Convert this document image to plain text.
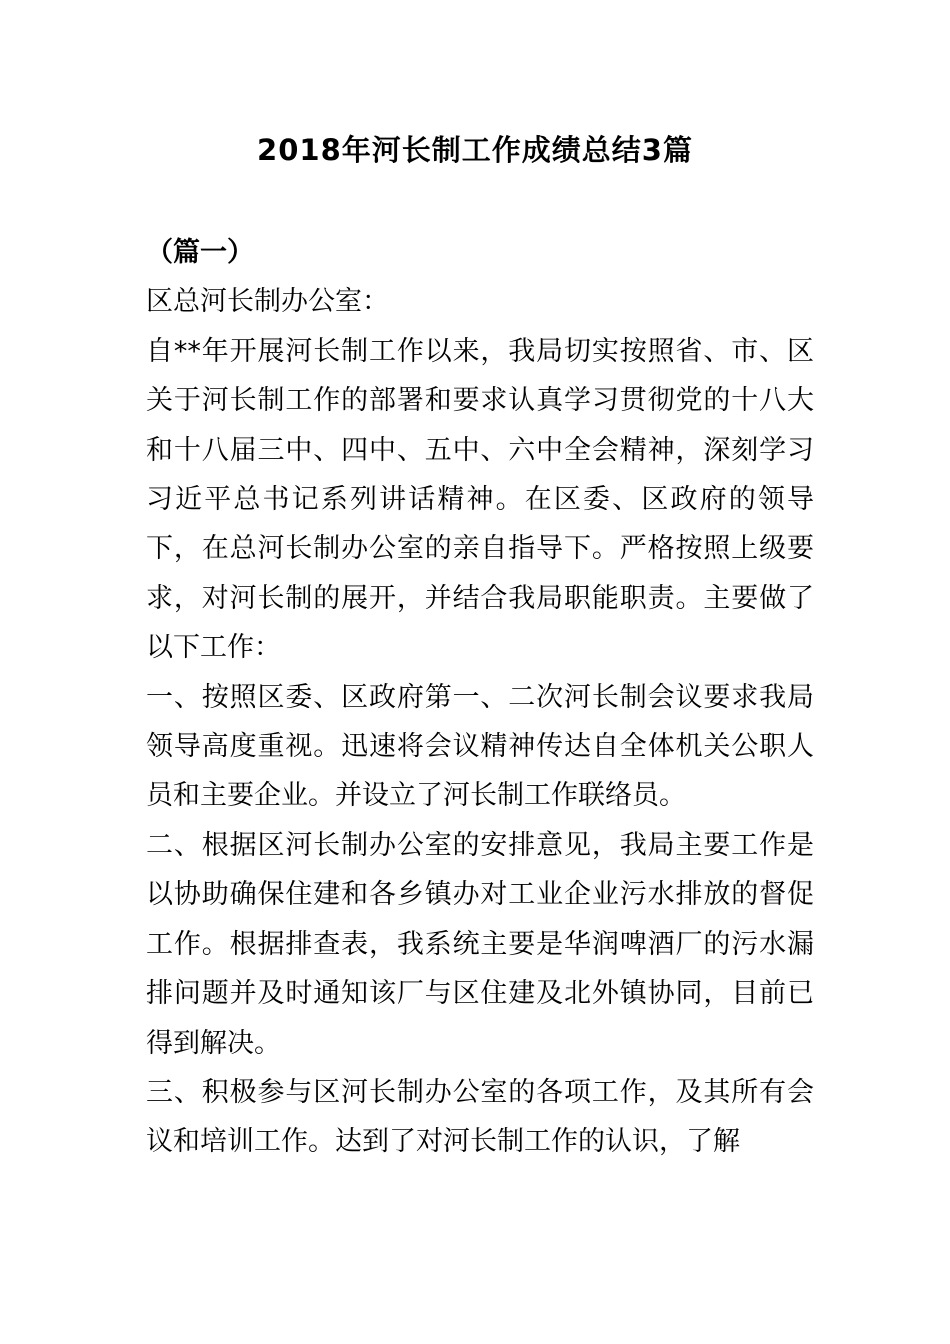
2018年河长制工作成绩总结3篇

（篇一）

区总河长制办公室：

自**年开展河长制工作以来，我局切实按照省、市、区关于河长制工作的部署和要求认真学习贯彻党的十八大和十八届三中、四中、五中、六中全会精神，深刻学习习近平总书记系列讲话精神。在区委、区政府的领导下，在总河长制办公室的亲自指导下。严格按照上级要求，对河长制的展开，并结合我局职能职责。主要做了以下工作：

一、按照区委、区政府第一、二次河长制会议要求我局领导高度重视。迅速将会议精神传达自全体机关公职人员和主要企业。并设立了河长制工作联络员。

二、根据区河长制办公室的安排意见，我局主要工作是以协助确保住建和各乡镇办对工业企业污水排放的督促工作。根据排查表，我系统主要是华润啤酒厂的污水漏排问题并及时通知该厂与区住建及北外镇协同，目前已得到解决。

三、积极参与区河长制办公室的各项工作，及其所有会议和培训工作。达到了对河长制工作的认识，了解
